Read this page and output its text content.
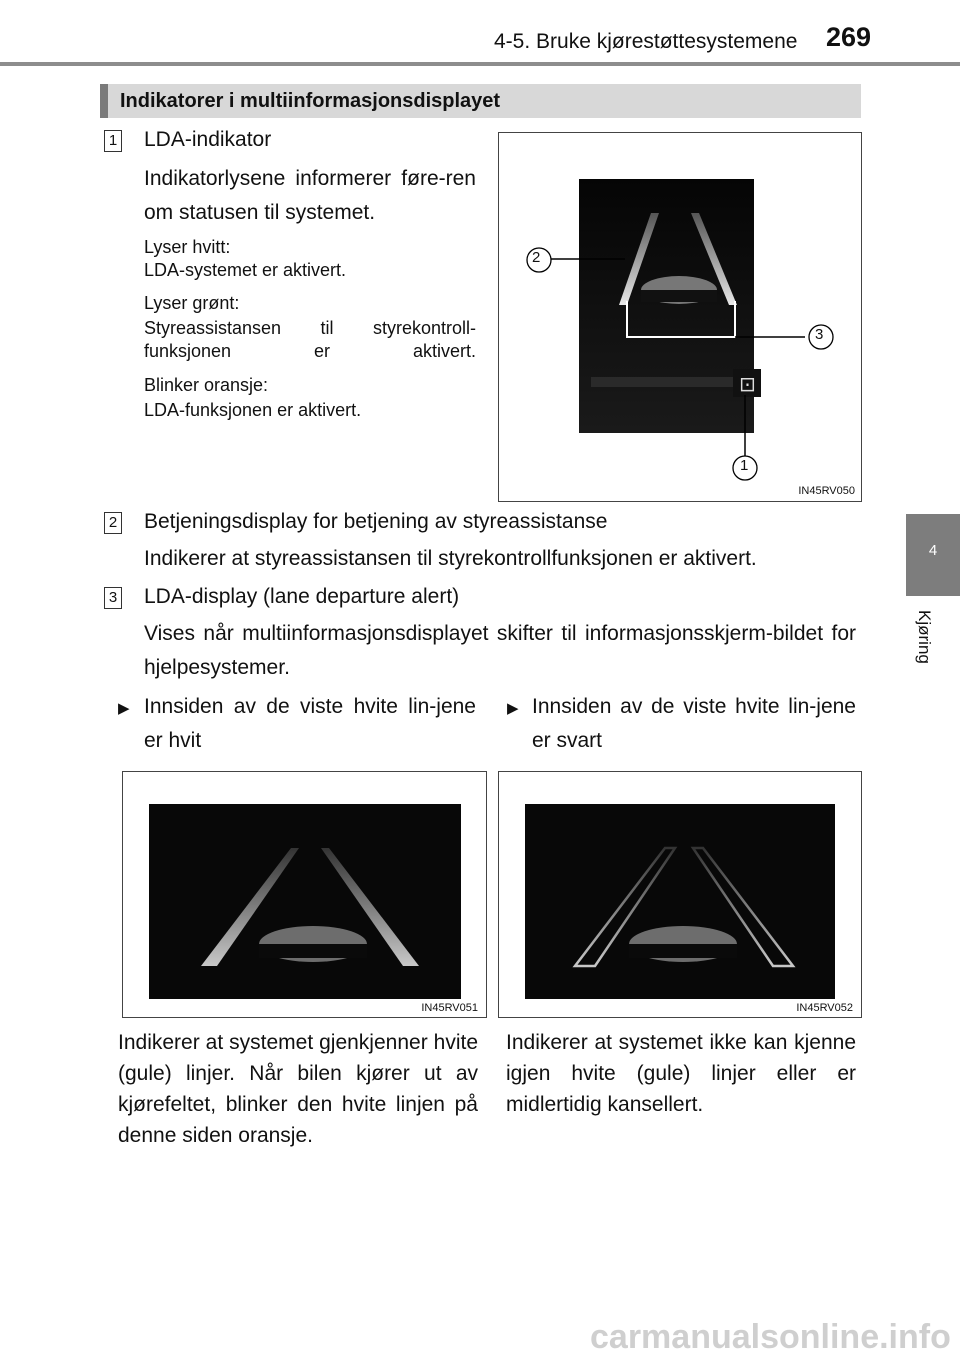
4-5. Bruke kjørestøttesystemene 269
4
Kjøring
Indikatorer i multiinformasjonsdisplayet
1 LDA-indikator
Indikatorlysene informerer føre-ren om statusen til systemet.
Lyser hvitt:
LDA-systemet er aktivert.
Lyser grønt:
Styreassistansen til styrekontroll-funksjonen er aktivert.
Blinker oransje:
LDA-funksjonen er aktivert.
⊡
2
3
1
IN45RV050
2 Betjeningsdisplay for betjening av styreassistanse
Indikerer at styreassistansen til styrekontrollfunksjonen er aktivert.
3 LDA-display (lane departure alert)
Vises når multiinformasjonsdisplayet skifter til informasjonsskjerm-bildet for hjelpesystemer.
▶ Innsiden av de viste hvite lin-jene er hvit
▶ Innsiden av de viste hvite lin-jene er svart
IN45RV051	IN45RV052
Indikerer at systemet gjenkjenner hvite (gule) linjer. Når bilen kjører ut av kjørefeltet, blinker den hvite linjen på denne siden oransje.
Indikerer at systemet ikke kan kjenne igjen hvite (gule) linjer eller er midlertidig kansellert.
carmanualsonline.info
